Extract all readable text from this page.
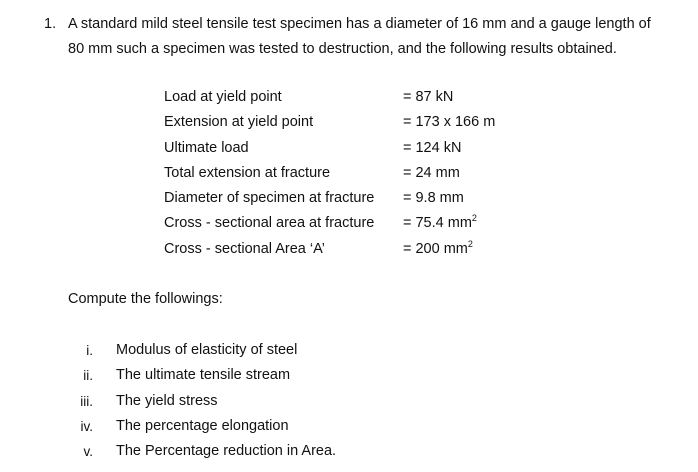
1. A standard mild steel tensile test specimen has a diameter of 16 mm and a gauge length of 80 mm such a specimen was tested to destruction, and the following results obtained.
Load at yield point	= 87 kN
Extension at yield point	= 173 x 166 m
Ultimate load	= 124 kN
Total extension at fracture	= 24 mm
Diameter of specimen at fracture = 9.8 mm
Cross - sectional area at fracture = 75.4 $mm^2$
Cross - sectional Area ‘A’	= 200 $mm^2$
Compute the followings:
i. Modulus of elasticity of steel
ii. The ultimate tensile stream
iii. The yield stress
iv. The percentage elongation
v. The Percentage reduction in Area.
